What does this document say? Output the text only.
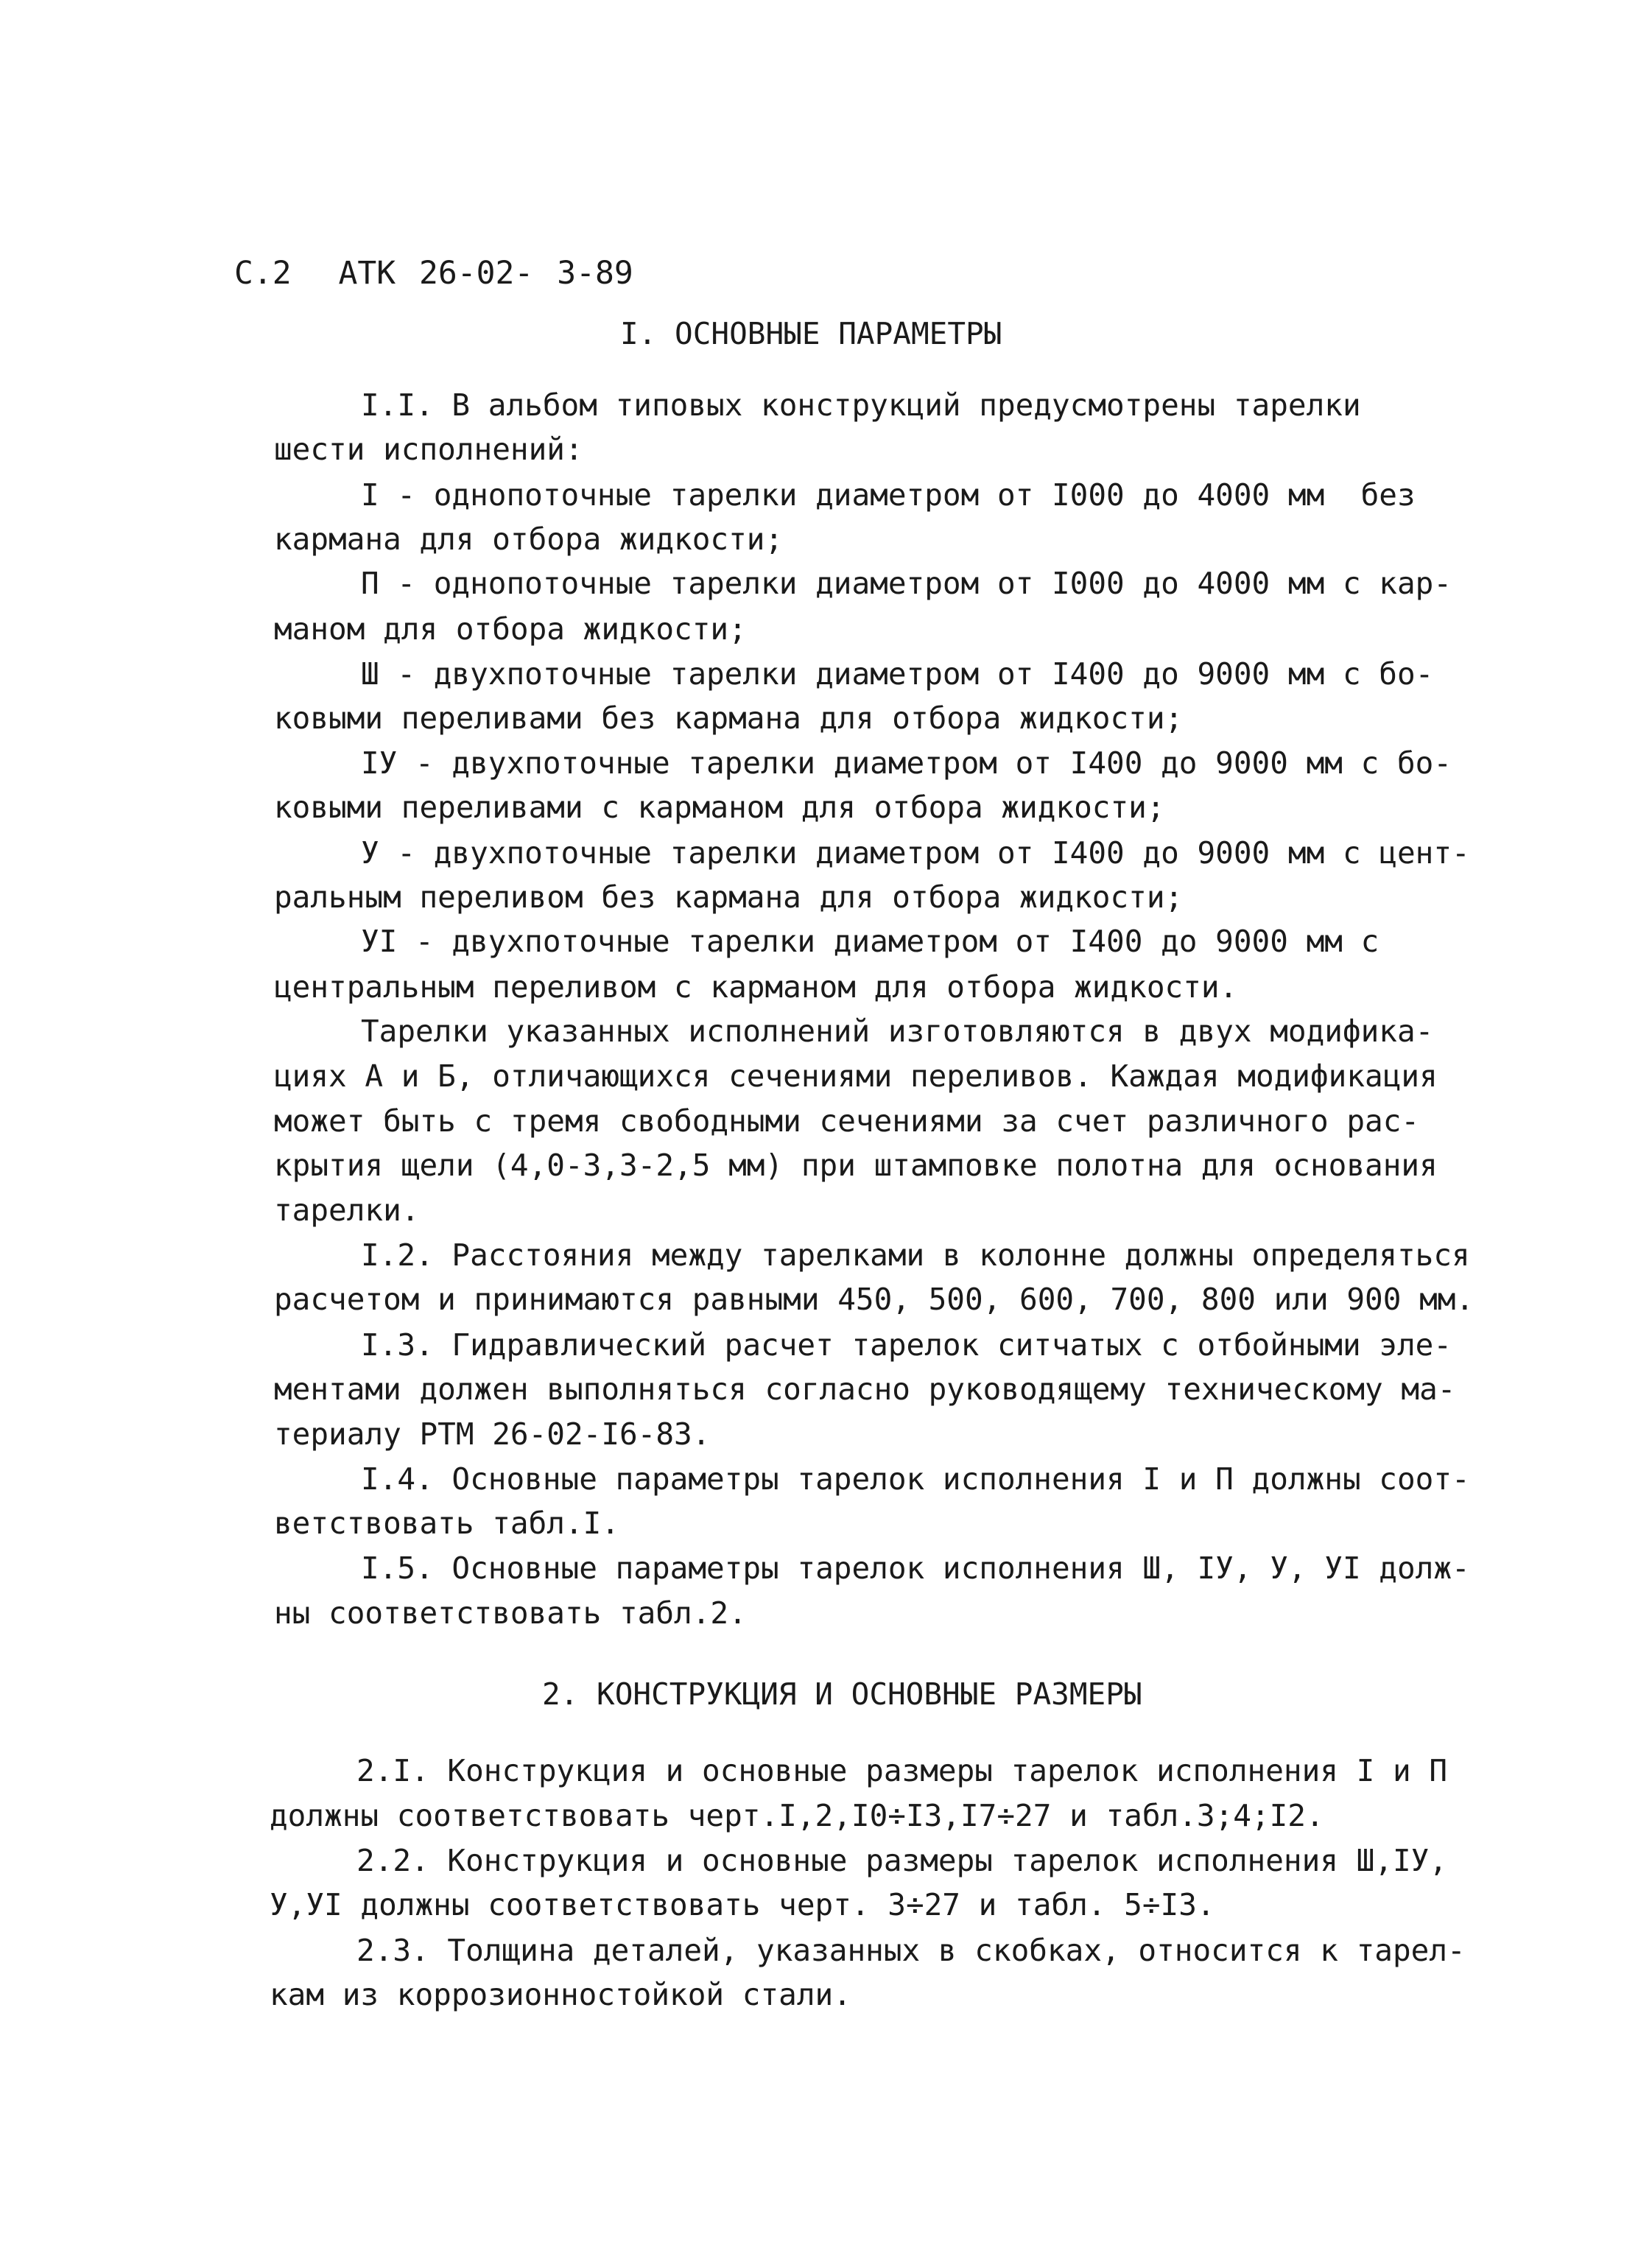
С.2  АТК 26-02- 3-89
I. ОСНОВНЫЕ ПАРАМЕТРЫ
I.I. В альбом типовых конструкций предусмотрены тарелки
шести исполнений:
I - однопоточные тарелки диаметром от I000 до 4000 мм  без
кармана для отбора жидкости;
П - однопоточные тарелки диаметром от I000 до 4000 мм с кар-
маном для отбора жидкости;
Ш - двухпоточные тарелки диаметром от I400 до 9000 мм с бо-
ковыми переливами без кармана для отбора жидкости;
IУ - двухпоточные тарелки диаметром от I400 до 9000 мм с бо-
ковыми переливами с карманом для отбора жидкости;
У - двухпоточные тарелки диаметром от I400 до 9000 мм с цент-
ральным переливом без кармана для отбора жидкости;
УI - двухпоточные тарелки диаметром от I400 до 9000 мм с
центральным переливом с карманом для отбора жидкости.
Тарелки указанных исполнений изготовляются в двух модифика-
циях А и Б, отличающихся сечениями переливов. Каждая модификация
может быть с тремя свободными сечениями за счет различного рас-
крытия щели (4,0-3,3-2,5 мм) при штамповке полотна для основания
тарелки.
I.2. Расстояния между тарелками в колонне должны определяться
расчетом и принимаются равными 450, 500, 600, 700, 800 или 900 мм.
I.3. Гидравлический расчет тарелок ситчатых с отбойными эле-
ментами должен выполняться согласно руководящему техническому ма-
териалу РТМ 26-02-I6-83.
I.4. Основные параметры тарелок исполнения I и П должны соот-
ветствовать табл.I.
I.5. Основные параметры тарелок исполнения Ш, IУ, У, УI долж-
ны соответствовать табл.2.
2. КОНСТРУКЦИЯ И ОСНОВНЫЕ РАЗМЕРЫ
2.I. Конструкция и основные размеры тарелок исполнения I и П
должны соответствовать черт.I,2,I0÷I3,I7÷27 и табл.3;4;I2.
2.2. Конструкция и основные размеры тарелок исполнения Ш,IУ,
У,УI должны соответствовать черт. 3÷27 и табл. 5÷I3.
2.3. Толщина деталей, указанных в скобках, относится к тарел-
кам из коррозионностойкой стали.
